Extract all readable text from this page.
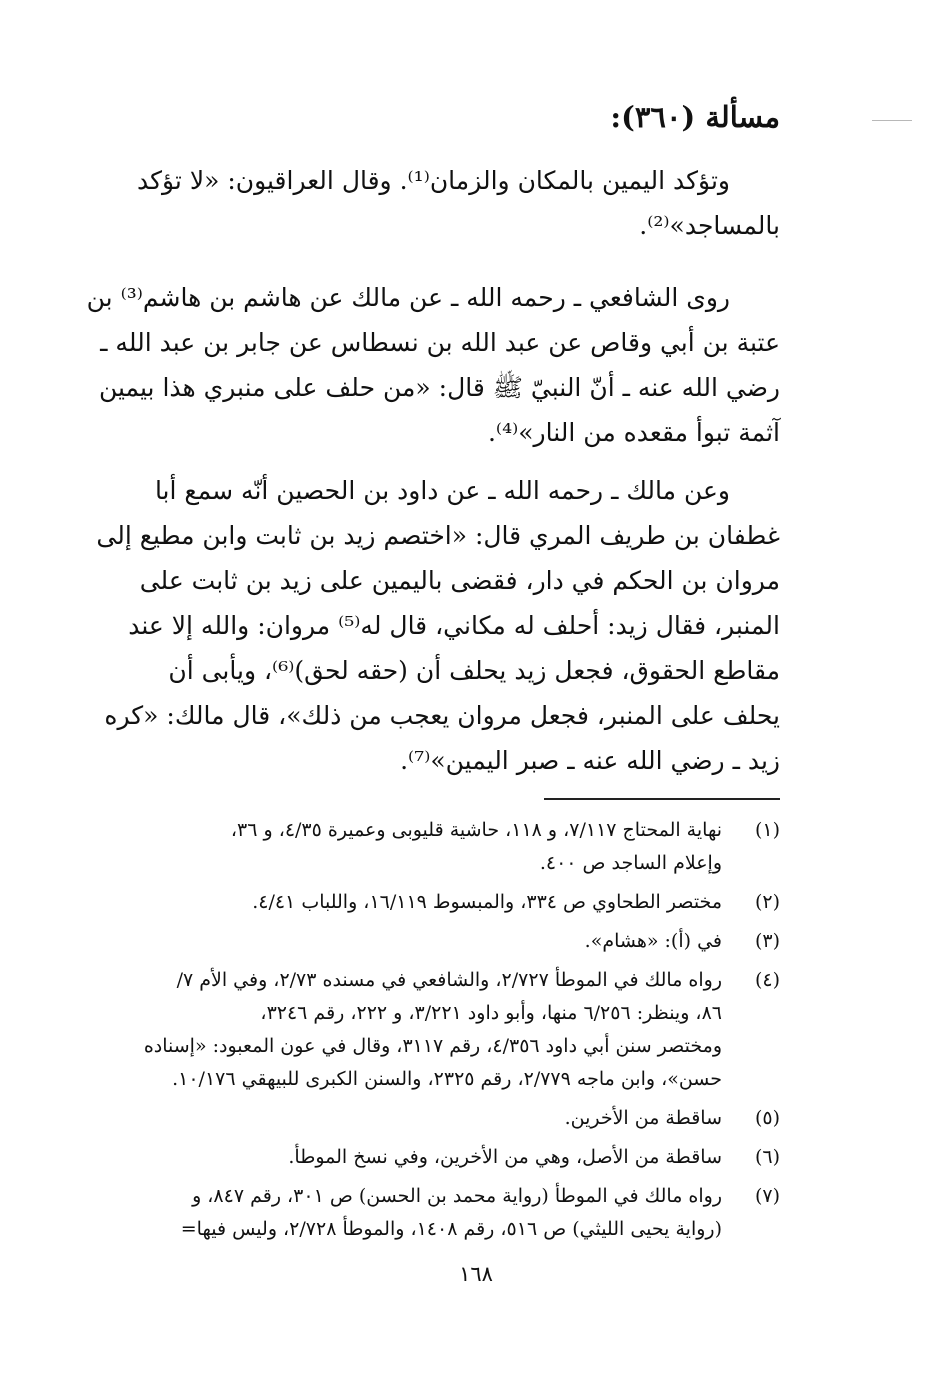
مسألة (٣٦٠):
وتؤكد اليمين بالمكان والزمان⁽¹⁾. وقال العراقيون: «لا تؤكد
بالمساجد»⁽²⁾.
روى الشافعي ـ رحمه الله ـ عن مالك عن هاشم بن هاشم⁽³⁾ بن
عتبة بن أبي وقاص عن عبد الله بن نسطاس عن جابر بن عبد الله ـ
رضي الله عنه ـ أنّ النبيّ ﷺ قال: «من حلف على منبري هذا بيمين
آثمة تبوأ مقعده من النار»⁽⁴⁾.
وعن مالك ـ رحمه الله ـ عن داود بن الحصين أنّه سمع أبا
غطفان بن طريف المري قال: «اختصم زيد بن ثابت وابن مطيع إلى
مروان بن الحكم في دار، فقضى باليمين على زيد بن ثابت على
المنبر، فقال زيد: أحلف له مكاني، قال له⁽⁵⁾ مروان: والله إلا عند
مقاطع الحقوق، فجعل زيد يحلف أن (حقه لحق)⁽⁶⁾، ويأبى أن
يحلف على المنبر، فجعل مروان يعجب من ذلك»، قال مالك: «كره
زيد ـ رضي الله عنه ـ صبر اليمين»⁽⁷⁾.
(١)
نهاية المحتاج ٧/١١٧، و ١١٨، حاشية قليوبى وعميرة ٤/٣٥، و ٣٦،
وإعلام الساجد ص ٤٠٠.
(٢)
مختصر الطحاوي ص ٣٣٤، والمبسوط ١٦/١١٩، واللباب ٤/٤١.
(٣)
في (أ): «هشام».
(٤)
رواه مالك في الموطأ ٢/٧٢٧، والشافعي في مسنده ٢/٧٣، وفي الأم ٧/
٨٦، وينظر: ٦/٢٥٦ منها، وأبو داود ٣/٢٢١، و ٢٢٢، رقم ٣٢٤٦،
ومختصر سنن أبي داود ٤/٣٥٦، رقم ٣١١٧، وقال في عون المعبود: «إسناده
حسن»، وابن ماجه ٢/٧٧٩، رقم ٢٣٢٥، والسنن الكبرى للبيهقي ١٠/١٧٦.
(٥)
ساقطة من الأخرين.
(٦)
ساقطة من الأصل، وهي من الأخرين، وفي نسخ الموطأ.
(٧)
رواه مالك في الموطأ (رواية محمد بن الحسن) ص ٣٠١، رقم ٨٤٧، و
(رواية يحيى الليثي) ص ٥١٦، رقم ١٤٠٨، والموطأ ٢/٧٢٨، وليس فيها=
١٦٨
